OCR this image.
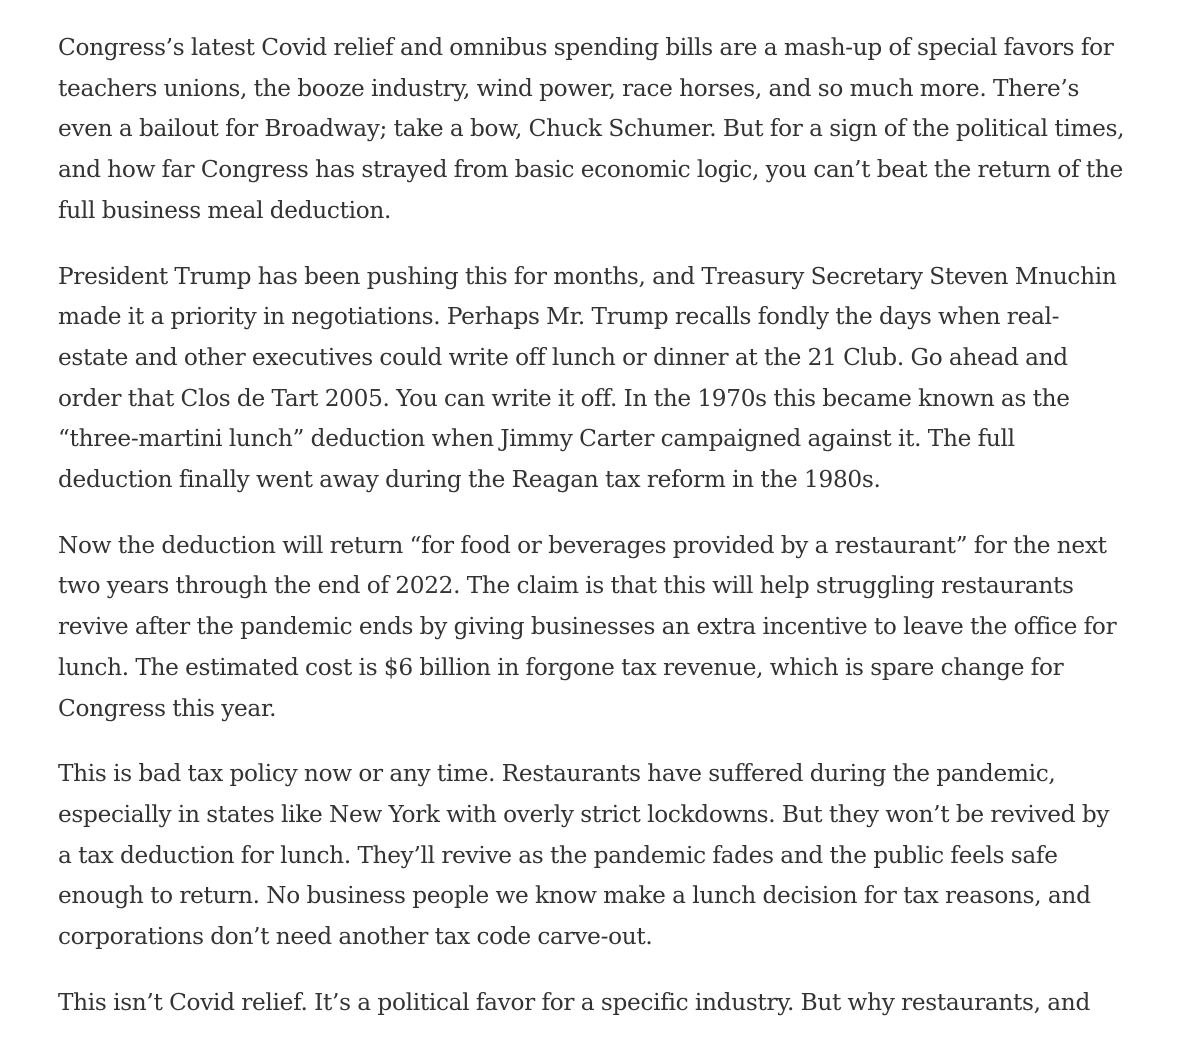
Congress’s latest Covid relief and omnibus spending bills are a mash-up of special favors for teachers unions, the booze industry, wind power, race horses, and so much more. There’s even a bailout for Broadway; take a bow, Chuck Schumer. But for a sign of the political times, and how far Congress has strayed from basic economic logic, you can’t beat the return of the full business meal deduction.

President Trump has been pushing this for months, and Treasury Secretary Steven Mnuchin made it a priority in negotiations. Perhaps Mr. Trump recalls fondly the days when real-estate and other executives could write off lunch or dinner at the 21 Club. Go ahead and order that Clos de Tart 2005. You can write it off. In the 1970s this became known as the “three-martini lunch” deduction when Jimmy Carter campaigned against it. The full deduction finally went away during the Reagan tax reform in the 1980s.

Now the deduction will return “for food or beverages provided by a restaurant” for the next two years through the end of 2022. The claim is that this will help struggling restaurants revive after the pandemic ends by giving businesses an extra incentive to leave the office for lunch. The estimated cost is $6 billion in forgone tax revenue, which is spare change for Congress this year.

This is bad tax policy now or any time. Restaurants have suffered during the pandemic, especially in states like New York with overly strict lockdowns. But they won’t be revived by a tax deduction for lunch. They’ll revive as the pandemic fades and the public feels safe enough to return. No business people we know make a lunch decision for tax reasons, and corporations don’t need another tax code carve-out.

This isn’t Covid relief. It’s a political favor for a specific industry. But why restaurants, and
